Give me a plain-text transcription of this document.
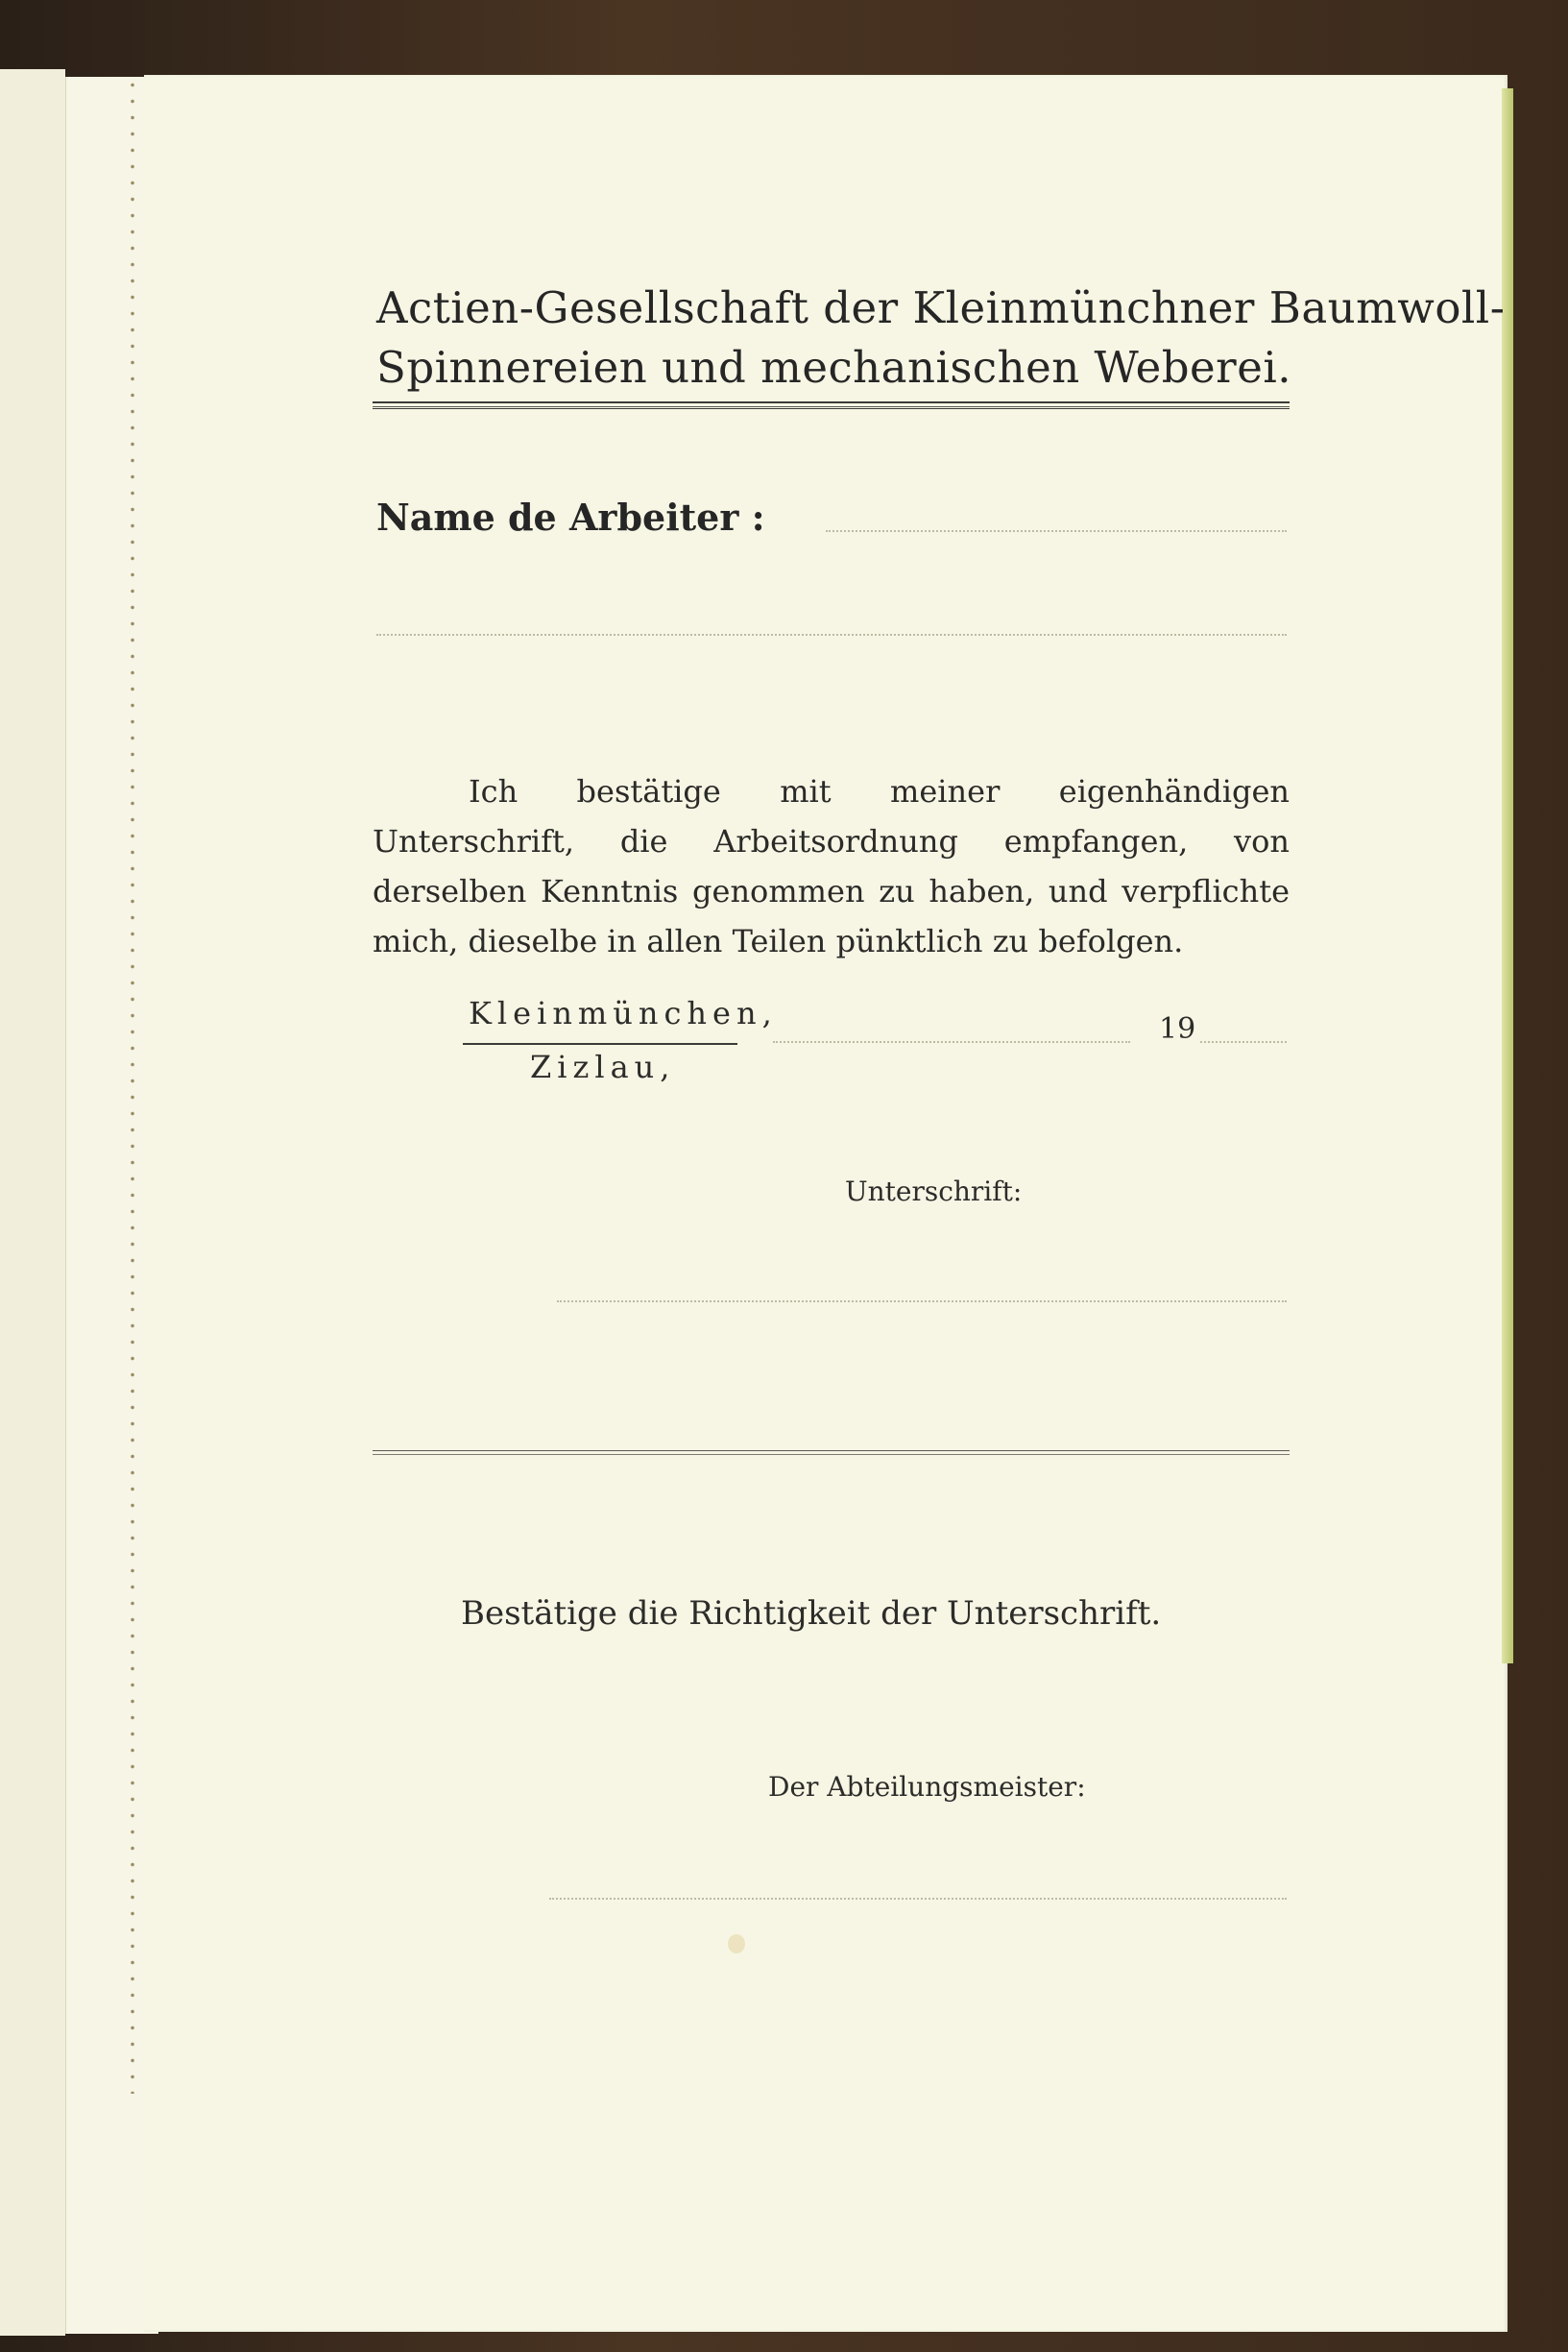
Actien-Gesellschaft der Kleinmünchner Baumwoll-
Spinnereien und mechanischen Weberei.
Name de Arbeiter :
Ich bestätige mit meiner eigenhändigen Unterschrift, die Arbeitsordnung empfangen, von derselben Kenntnis genommen zu haben, und verpflichte mich, dieselbe in allen Teilen pünktlich zu befolgen.
Kleinmünchen,
Zizlau,
19
Unterschrift:
Bestätige die Richtigkeit der Unterschrift.
Der Abteilungsmeister:
